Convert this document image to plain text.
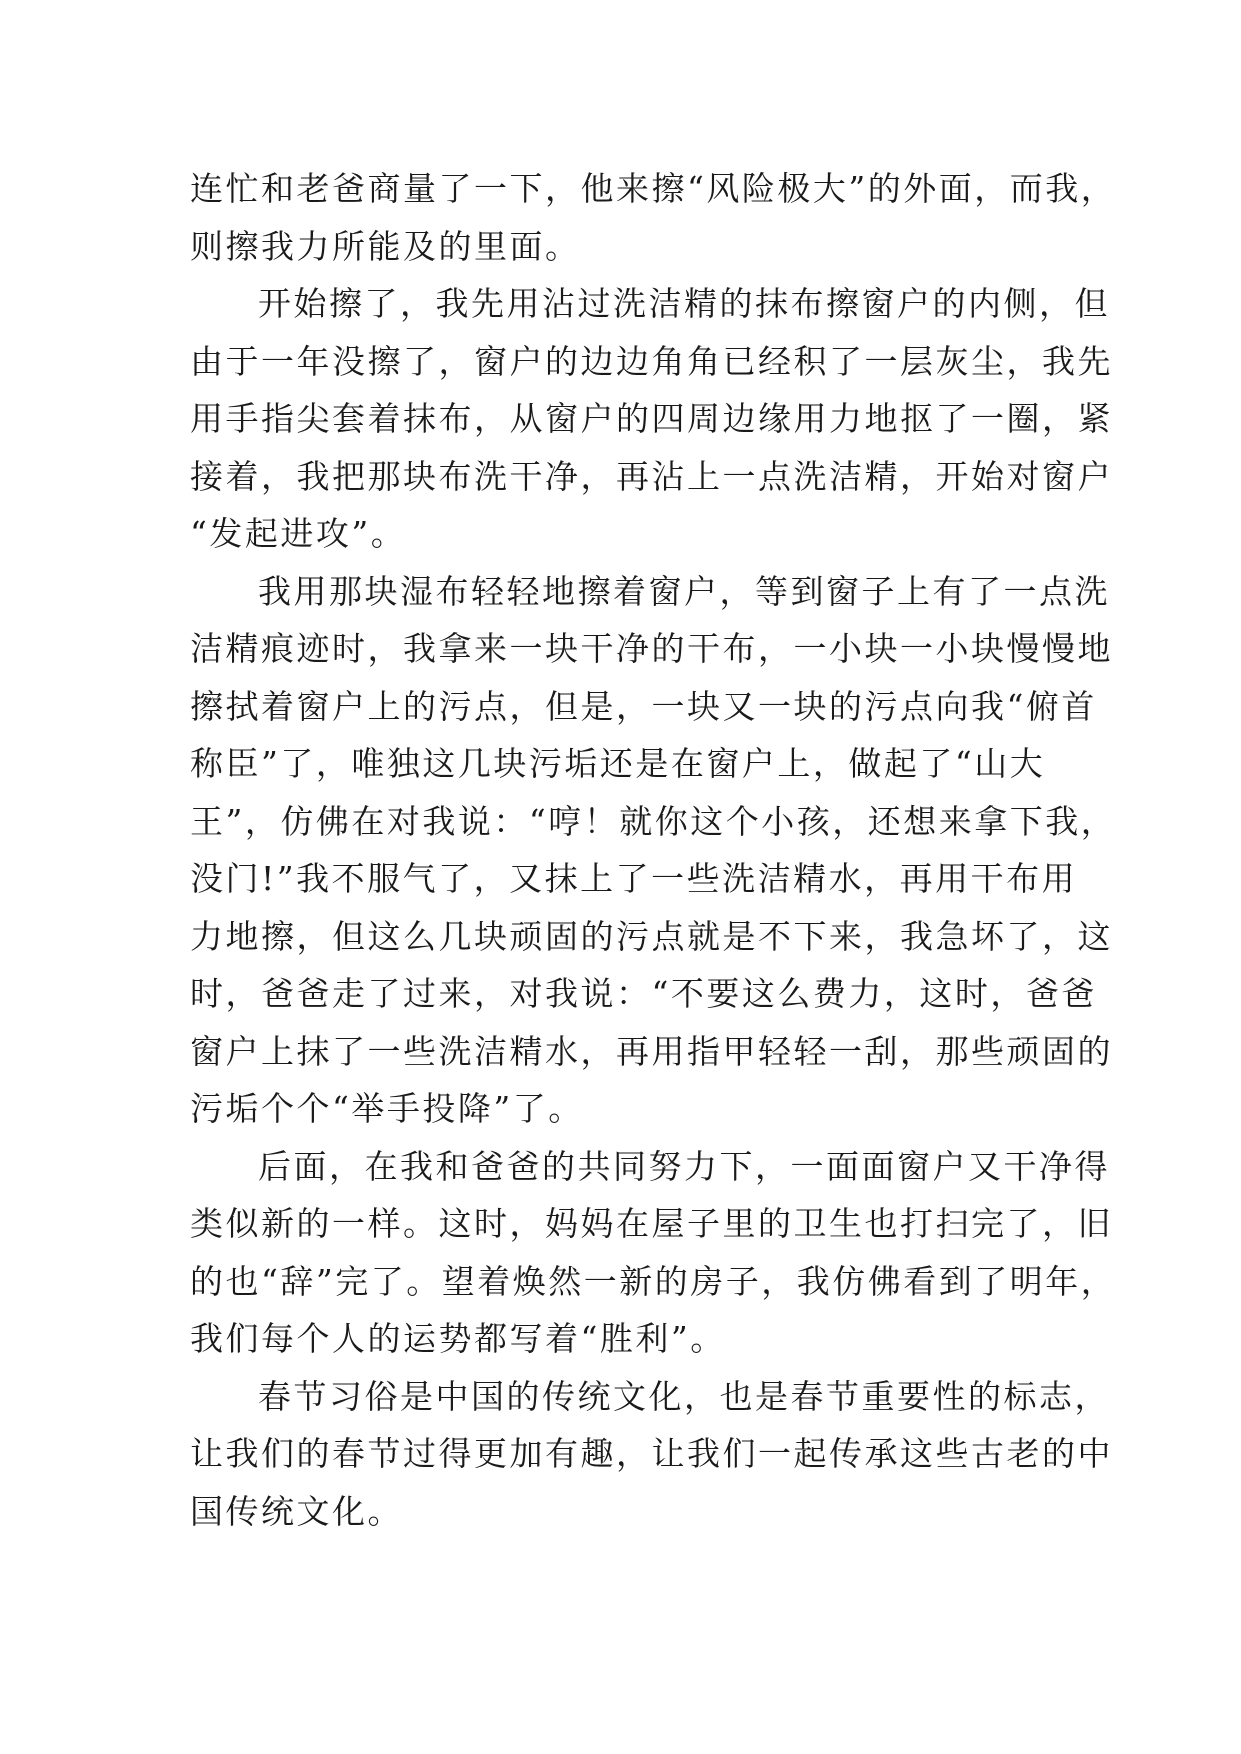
连忙和老爸商量了一下，他来擦“风险极大”的外面，而我，
则擦我力所能及的里面。
开始擦了，我先用沾过洗洁精的抹布擦窗户的内侧，但
由于一年没擦了，窗户的边边角角已经积了一层灰尘，我先
用手指尖套着抹布，从窗户的四周边缘用力地抠了一圈，紧
接着，我把那块布洗干净，再沾上一点洗洁精，开始对窗户
“发起进攻”。
我用那块湿布轻轻地擦着窗户，等到窗子上有了一点洗
洁精痕迹时，我拿来一块干净的干布，一小块一小块慢慢地
擦拭着窗户上的污点，但是，一块又一块的污点向我“俯首
称臣”了，唯独这几块污垢还是在窗户上，做起了“山大
王”，仿佛在对我说：“哼！就你这个小孩，还想来拿下我，
没门!”我不服气了，又抹上了一些洗洁精水，再用干布用
力地擦，但这么几块顽固的污点就是不下来，我急坏了，这
时，爸爸走了过来，对我说：“不要这么费力，这时，爸爸
窗户上抹了一些洗洁精水，再用指甲轻轻一刮，那些顽固的
污垢个个“举手投降”了。
后面，在我和爸爸的共同努力下，一面面窗户又干净得
类似新的一样。这时，妈妈在屋子里的卫生也打扫完了，旧
的也“辞”完了。望着焕然一新的房子，我仿佛看到了明年，
我们每个人的运势都写着“胜利”。
春节习俗是中国的传统文化，也是春节重要性的标志，
让我们的春节过得更加有趣，让我们一起传承这些古老的中
国传统文化。
